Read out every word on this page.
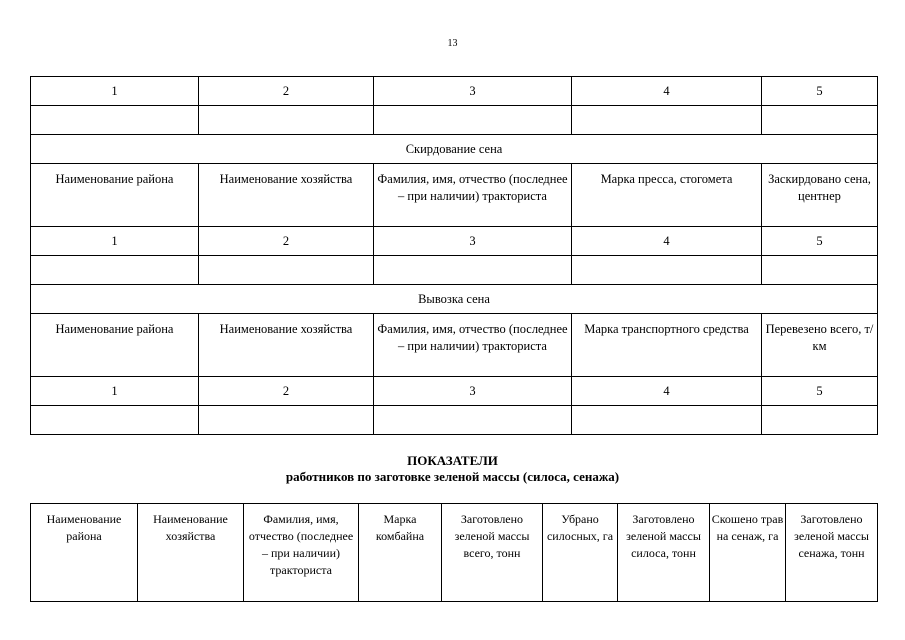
13
1	2	3	4	5

Скирдование сена				
Наименование района	Наименование хозяйства	Фамилия, имя, отчество (последнее – при наличии) тракториста	Марка пресса, стогомета	Заскирдовано сена, центнер
1	2	3	4	5

Вывозка сена				
Наименование района	Наименование хозяйства	Фамилия, имя, отчество (последнее – при наличии) тракториста	Марка транспортного средства	Перевезено всего, т/км
1	2	3	4	5

ПОКАЗАТЕЛИ
работников по заготовке зеленой массы (силоса, сенажа)
Наименование района	Наименование хозяйства	Фамилия, имя, отчество (последнее – при наличии) тракториста	Марка комбайна	Заготовлено зеленой массы всего, тонн	Убрано силосных, га	Заготовлено зеленой массы силоса, тонн	Скошено трав на сенаж, га	Заготовлено зеленой массы сенажа, тонн
